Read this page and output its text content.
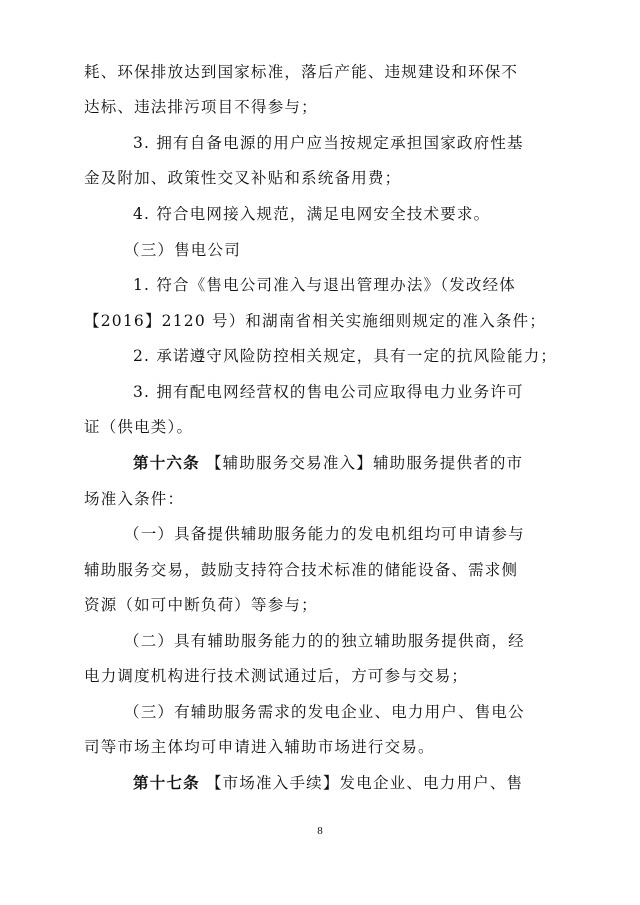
耗、环保排放达到国家标准，落后产能、违规建设和环保不
达标、违法排污项目不得参与；
3. 拥有自备电源的用户应当按规定承担国家政府性基
金及附加、政策性交叉补贴和系统备用费；
4. 符合电网接入规范，满足电网安全技术要求。
（三）售电公司
1. 符合《售电公司准入与退出管理办法》（发改经体
【2016】2120 号）和湖南省相关实施细则规定的准入条件；
2. 承诺遵守风险防控相关规定，具有一定的抗风险能力；
3. 拥有配电网经营权的售电公司应取得电力业务许可
证（供电类）。
第十六条 【辅助服务交易准入】辅助服务提供者的市
场准入条件：
（一）具备提供辅助服务能力的发电机组均可申请参与
辅助服务交易，鼓励支持符合技术标准的储能设备、需求侧
资源（如可中断负荷）等参与；
（二）具有辅助服务能力的的独立辅助服务提供商，经
电力调度机构进行技术测试通过后，方可参与交易；
（三）有辅助服务需求的发电企业、电力用户、售电公
司等市场主体均可申请进入辅助市场进行交易。
第十七条 【市场准入手续】发电企业、电力用户、售
8
